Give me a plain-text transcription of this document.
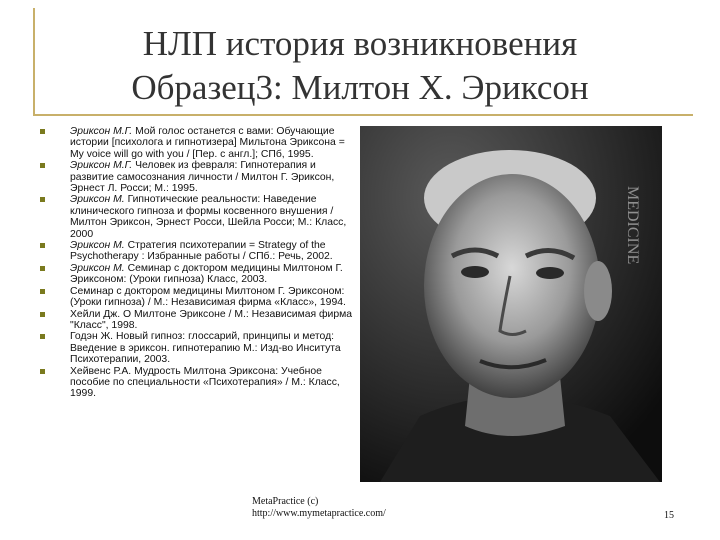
НЛП история возникновения
Образец3: Милтон Х. Эриксон
Эриксон М.Г. Мой голос останется с вами: Обучающие истории [психолога и гипнотизера] Мильтона Эриксона = My voice will go with you / [Пер. с англ.]; СПб, 1995.
Эриксон М.Г. Человек из февраля: Гипнотерапия и развитие самосознания личности / Милтон Г. Эриксон, Эрнест Л. Росси; М.: 1995.
Эриксон М. Гипнотические реальности: Наведение клинического гипноза и формы косвенного внушения / Милтон Эриксон, Эрнест Росси, Шейла Росси; М.: Класс, 2000
Эриксон М. Стратегия психотерапии = Strategy of the Psychotherapy : Избранные работы / СПб.: Речь, 2002.
Эриксон М. Семинар с доктором медицины Милтоном Г. Эриксоном: (Уроки гипноза) Класс, 2003.
Семинар с доктором медицины Милтоном Г. Эриксоном: (Уроки гипноза) / М.: Независимая фирма «Класс», 1994.
Хейли Дж. О Милтоне Эриксоне / М.: Независимая фирма "Класс", 1998.
Годэн Ж. Новый гипноз: глоссарий, принципы и метод: Введение в эриксон. гипнотерапию М.: Изд-во Инситута Психотерапии, 2003.
Хейвенс Р.А. Мудрость Милтона Эриксона: Учебное пособие по специальности «Психотерапия» / М.: Класс, 1999.
MEDICINE
MetaPractice (c)
http://www.mymetapractice.com/	15
